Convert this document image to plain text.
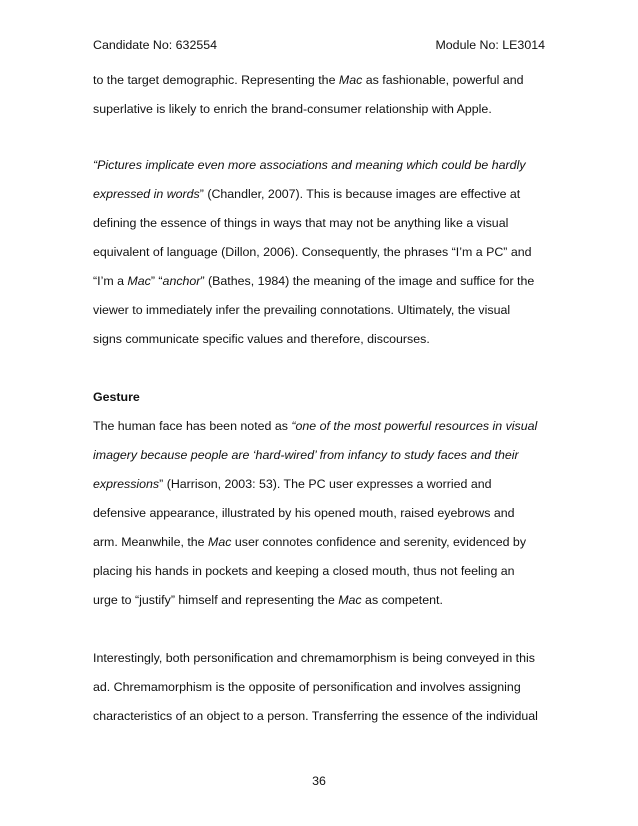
Candidate No: 632554	Module No: LE3014
to the target demographic. Representing the Mac as fashionable, powerful and
superlative is likely to enrich the brand-consumer relationship with Apple.
“Pictures implicate even more associations and meaning which could be hardly
expressed in words” (Chandler, 2007). This is because images are effective at
defining the essence of things in ways that may not be anything like a visual
equivalent of language (Dillon, 2006). Consequently, the phrases “I’m a PC” and
“I’m a Mac” “anchor” (Bathes, 1984) the meaning of the image and suffice for the
viewer to immediately infer the prevailing connotations. Ultimately, the visual
signs communicate specific values and therefore, discourses.
Gesture
The human face has been noted as “one of the most powerful resources in visual
imagery because people are ‘hard-wired’ from infancy to study faces and their
expressions” (Harrison, 2003: 53). The PC user expresses a worried and
defensive appearance, illustrated by his opened mouth, raised eyebrows and
arm. Meanwhile, the Mac user connotes confidence and serenity, evidenced by
placing his hands in pockets and keeping a closed mouth, thus not feeling an
urge to “justify” himself and representing the Mac as competent.
Interestingly, both personification and chremamorphism is being conveyed in this
ad. Chremamorphism is the opposite of personification and involves assigning
characteristics of an object to a person. Transferring the essence of the individual
36
